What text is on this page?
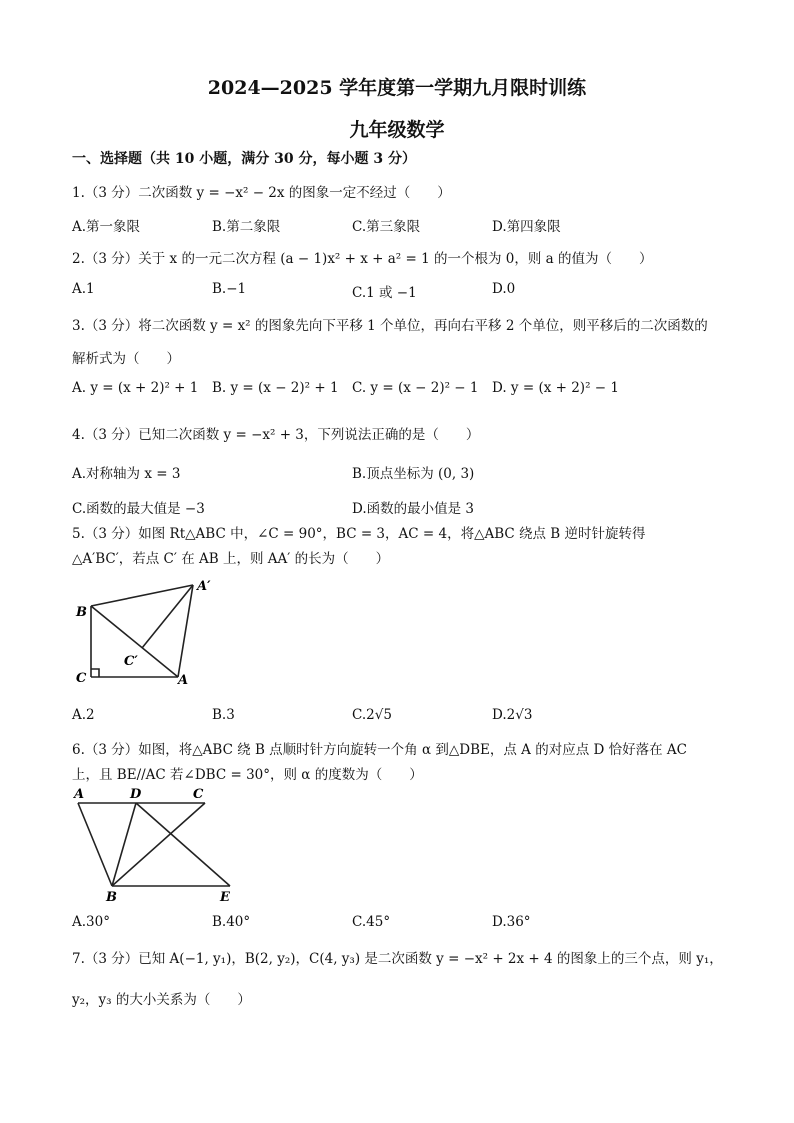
2024—2025 学年度第一学期九月限时训练
九年级数学
一、选择题（共 10 小题，满分 30 分，每小题 3 分）
1.（3 分）二次函数 y = −x² − 2x 的图象一定不经过（　　）
A.第一象限	B.第二象限	C.第三象限	D.第四象限
2.（3 分）关于 x 的一元二次方程 (a − 1)x² + x + a² = 1 的一个根为 0，则 a 的值为（　　）
A.1	B.−1	C.1 或 −1	D.0
3.（3 分）将二次函数 y = x² 的图象先向下平移 1 个单位，再向右平移 2 个单位，则平移后的二次函数的
解析式为（　　）
A. y = (x + 2)² + 1 B. y = (x − 2)² + 1 C. y = (x − 2)² − 1 D. y = (x + 2)² − 1
4.（3 分）已知二次函数 y = −x² + 3，下列说法正确的是（　　）
A.对称轴为 x = 3	B.顶点坐标为 (0, 3)
C.函数的最大值是 −3	D.函数的最小值是 3
5.（3 分）如图 Rt△ABC 中，∠C = 90°，BC = 3，AC = 4，将△ABC 绕点 B 逆时针旋转得
△A′BC′，若点 C′ 在 AB 上，则 AA′ 的长为（　　）
B
A′
C′
C	A
A.2	B.3	C.2√5	D.2√3
6.（3 分）如图，将△ABC 绕 B 点顺时针方向旋转一个角 α 到△DBE，点 A 的对应点 D 恰好落在 AC
上，且 BE//AC 若∠DBC = 30°，则 α 的度数为（　　）
A	D	C
B	E
A.30°	B.40°	C.45°	D.36°
7.（3 分）已知 A(−1, y₁)，B(2, y₂)，C(4, y₃) 是二次函数 y = −x² + 2x + 4 的图象上的三个点，则 y₁，
y₂，y₃ 的大小关系为（　　）
